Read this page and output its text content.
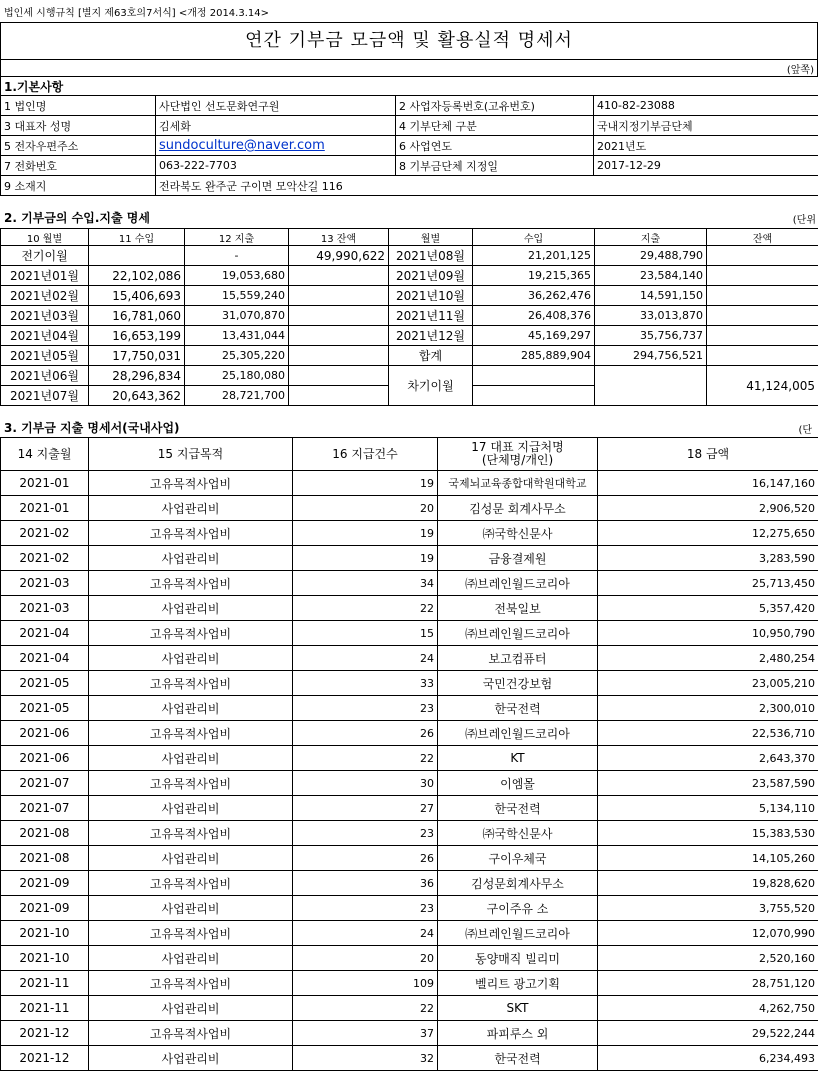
법인세 시행규칙 [별지 제63호의7서식] <개정 2014.3.14>
연간 기부금 모금액 및 활용실적 명세서
(앞쪽)
1.기본사항			
1 법인명	사단법인 선도문화연구원	2 사업자등록번호(고유번호)	410-82-23088
3 대표자 성명	김세화	4 기부단체 구분	국내지정기부금단체
5 전자우편주소	sundoculture@naver.com	6 사업연도	2021년도
7 전화번호	063-222-7703	8 기부금단체 지정일	2017-12-29
9 소재지	전라북도 완주군 구이면 모악산길 116		
2. 기부금의 수입.지출 명세	(단위
10 월별	11 수입	12 지출	13 잔액	월별	수입	지출	잔액
전기이월		-	49,990,622	2021년08월	21,201,125	29,488,790	
2021년01월	22,102,086	19,053,680		2021년09월	19,215,365	23,584,140	
2021년02월	15,406,693	15,559,240		2021년10월	36,262,476	14,591,150	
2021년03월	16,781,060	31,070,870		2021년11월	26,408,376	33,013,870	
2021년04월	16,653,199	13,431,044		2021년12월	45,169,297	35,756,737	
2021년05월	17,750,031	25,305,220		합계	285,889,904	294,756,521	
2021년06월	28,296,834	25,180,080		차기이월			41,124,005
2021년07월	20,643,362	28,721,700					
3. 기부금 지출 명세서(국내사업)	(단
14 지출월	15 지급목적	16 지급건수	17 대표 지급처명
(단체명/개인)	18 금액
2021-01	고유목적사업비	19	국제뇌교육종합대학원대학교	16,147,160
2021-01	사업관리비	20	김성문 회계사무소	2,906,520
2021-02	고유목적사업비	19	㈜국학신문사	12,275,650
2021-02	사업관리비	19	금융결제원	3,283,590
2021-03	고유목적사업비	34	㈜브레인월드코리아	25,713,450
2021-03	사업관리비	22	전북일보	5,357,420
2021-04	고유목적사업비	15	㈜브레인월드코리아	10,950,790
2021-04	사업관리비	24	보고컴퓨터	2,480,254
2021-05	고유목적사업비	33	국민건강보험	23,005,210
2021-05	사업관리비	23	한국전력	2,300,010
2021-06	고유목적사업비	26	㈜브레인월드코리아	22,536,710
2021-06	사업관리비	22	KT	2,643,370
2021-07	고유목적사업비	30	이엠몰	23,587,590
2021-07	사업관리비	27	한국전력	5,134,110
2021-08	고유목적사업비	23	㈜국학신문사	15,383,530
2021-08	사업관리비	26	구이우체국	14,105,260
2021-09	고유목적사업비	36	김성문회계사무소	19,828,620
2021-09	사업관리비	23	구이주유 소	3,755,520
2021-10	고유목적사업비	24	㈜브레인월드코리아	12,070,990
2021-10	사업관리비	20	동양매직 빌리미	2,520,160
2021-11	고유목적사업비	109	벨리트 광고기획	28,751,120
2021-11	사업관리비	22	SKT	4,262,750
2021-12	고유목적사업비	37	파피루스 외	29,522,244
2021-12	사업관리비	32	한국전력	6,234,493
